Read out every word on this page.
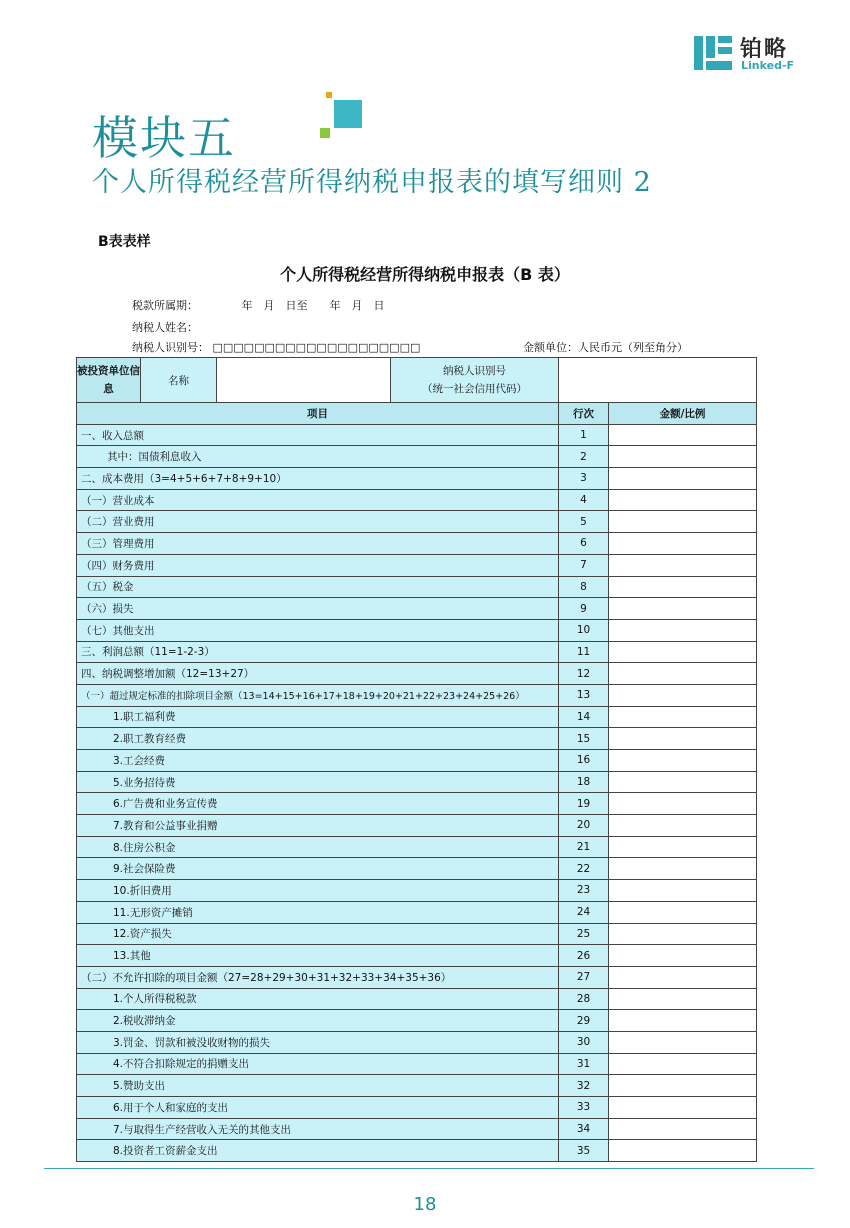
铂略
Linked-F
模块五
个人所得税经营所得纳税申报表的填写细则 2
B表表样
个人所得税经营所得纳税申报表（B 表）
税款所属期：	年　月　日至　　年　月　日
纳税人姓名：
纳税人识别号： □□□□□□□□□□□□□□□□□□□□	金额单位：人民币元（列至角分）
被投资单位信息	名称		纳税人识别号
（统一社会信用代码）		

项目				行次	金额/比例
一、收入总额				1	
其中：国债利息收入				2	
二、成本费用（3=4+5+6+7+8+9+10）				3	
（一）营业成本				4	
（二）营业费用				5	
（三）管理费用				6	
（四）财务费用				7	
（五）税金				8	
（六）损失				9	
（七）其他支出				10	
三、利润总额（11=1-2-3）				11	
四、纳税调整增加额（12=13+27）				12	
（一）超过规定标准的扣除项目金额（13=14+15+16+17+18+19+20+21+22+23+24+25+26）				13	
1.职工福利费				14	
2.职工教育经费				15	
3.工会经费				16	
5.业务招待费				18	
6.广告费和业务宣传费				19	
7.教育和公益事业捐赠				20	
8.住房公积金				21	
9.社会保险费				22	
10.折旧费用				23	
11.无形资产摊销				24	
12.资产损失				25	
13.其他				26	
（二）不允许扣除的项目金额（27=28+29+30+31+32+33+34+35+36）				27	
1.个人所得税税款				28	
2.税收滞纳金				29	
3.罚金、罚款和被没收财物的损失				30	
4.不符合扣除规定的捐赠支出				31	
5.赞助支出				32	
6.用于个人和家庭的支出				33	
7.与取得生产经营收入无关的其他支出				34	
8.投资者工资薪金支出				35	
18
